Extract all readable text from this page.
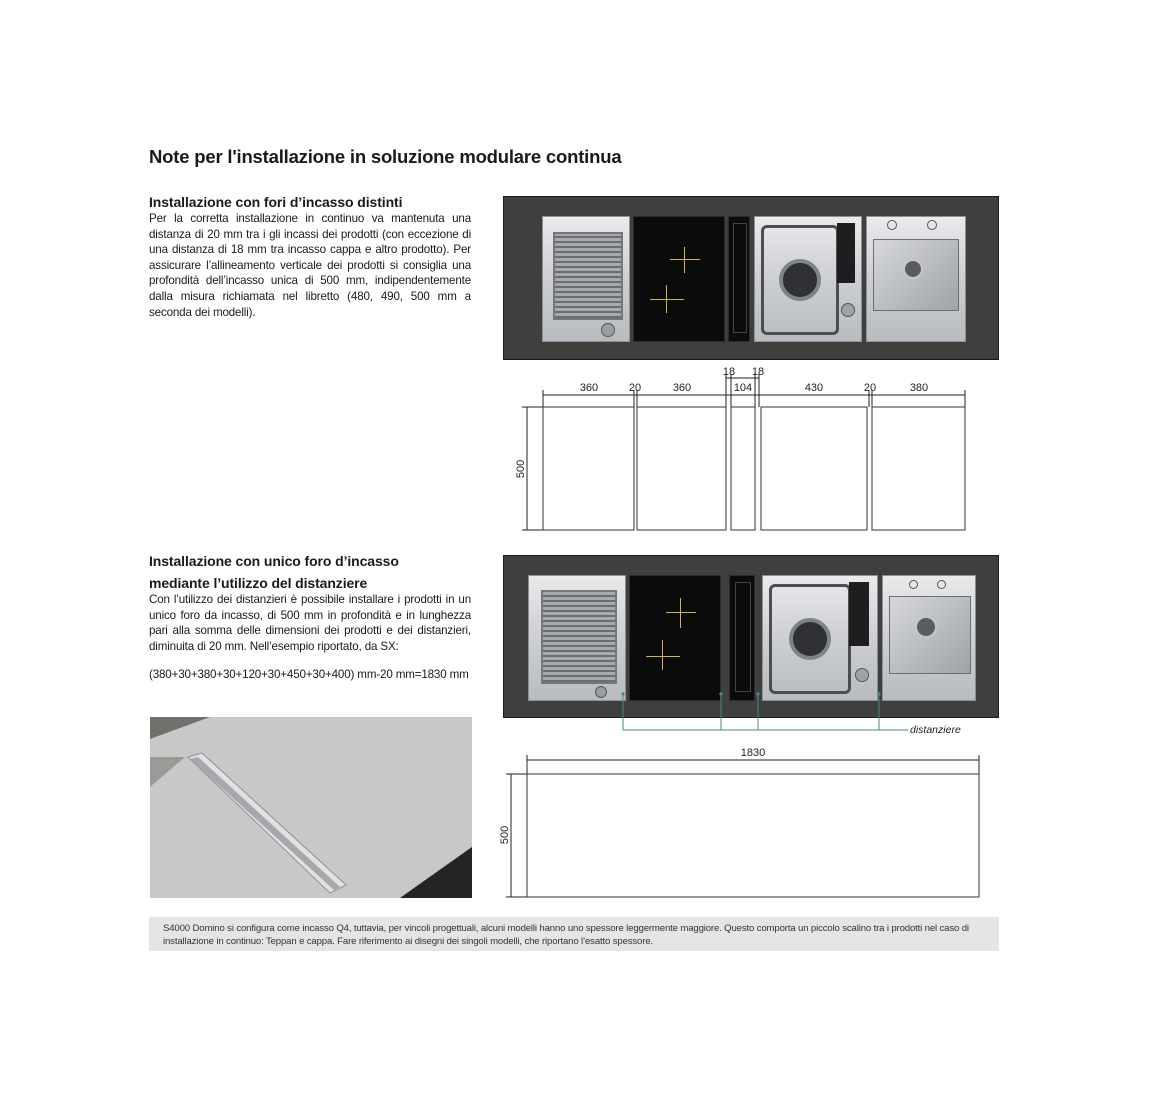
Note per l'installazione in soluzione modulare continua
Installazione con fori d’incasso distinti

Per la corretta installazione in continuo va mantenuta una distanza di 20 mm tra i gli incassi dei prodotti (con eccezione di una distanza di 18 mm tra incasso cappa e altro prodotto). Per assicurare l’allineamento verticale dei prodotti si consiglia una profondità dell’incasso unica di 500 mm, indipendentemente dalla misura richiamata nel libretto (480, 490, 500 mm a seconda dei modelli).

360	20	360
18
104
18
430	20	380
500
Installazione con unico foro d’incasso
mediante l’utilizzo del distanziere

Con l’utilizzo dei distanzieri è possibile installare i prodotti in un unico foro da incasso, di 500 mm in profondità e in lunghezza pari alla somma delle dimensioni dei prodotti e dei distanzieri, diminuita di 20 mm. Nell’esempio riportato, da SX:

(380+30+380+30+120+30+450+30+400) mm-20 mm=1830 mm

distanziere
1830
500
S4000 Domino si configura come incasso Q4, tuttavia, per vincoli progettuali, alcuni modelli hanno uno spessore leggermente maggiore. Questo comporta un piccolo scalino tra i prodotti nel caso di installazione in continuo: Teppan e cappa. Fare riferimento ai disegni dei singoli modelli, che riportano l’esatto spessore.
